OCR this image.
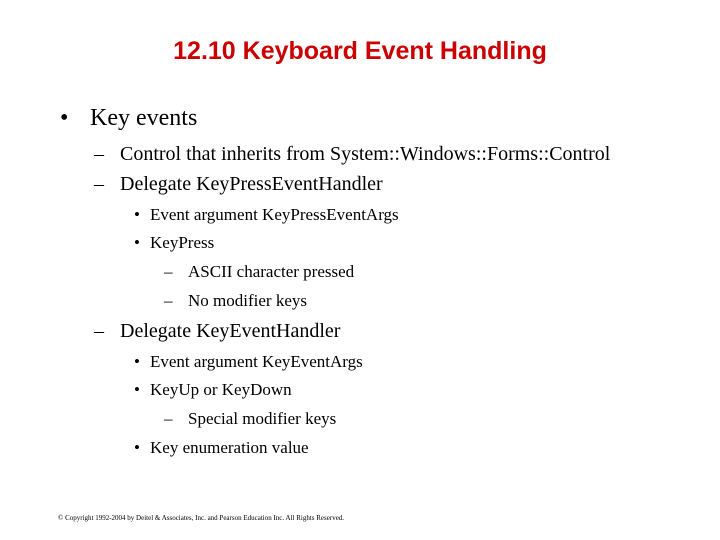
12.10 Keyboard Event Handling
• Key events
– Control that inherits from System::Windows::Forms::Control
– Delegate KeyPressEventHandler
• Event argument KeyPressEventArgs
• KeyPress
– ASCII character pressed
– No modifier keys
– Delegate KeyEventHandler
• Event argument KeyEventArgs
• KeyUp or KeyDown
– Special modifier keys
• Key enumeration value
© Copyright 1992-2004 by Deitel & Associates, Inc. and Pearson Education Inc. All Rights Reserved.
